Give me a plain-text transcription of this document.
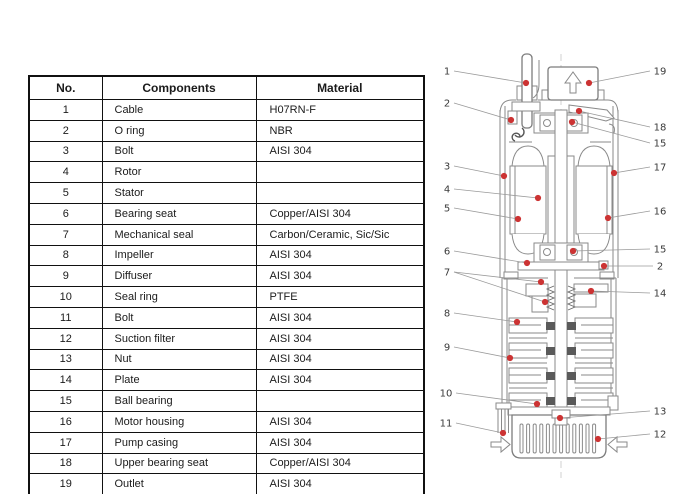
No.	Components	Material
1	Cable	H07RN-F
2	O ring	NBR
3	Bolt	AISI 304
4	Rotor	
5	Stator	
6	Bearing seat	Copper/AISI 304
7	Mechanical seal	Carbon/Ceramic, Sic/Sic
8	Impeller	AISI 304
9	Diffuser	AISI 304
10	Seal ring	PTFE
11	Bolt	AISI 304
12	Suction filter	AISI 304
13	Nut	AISI 304
14	Plate	AISI 304
15	Ball bearing	
16	Motor housing	AISI 304
17	Pump casing	AISI 304
18	Upper bearing seat	Copper/AISI 304
19	Outlet	AISI 304
1
2
3
4
5
6
7
8
9
10
11
19
18
15
17
16
15
2
14
13
12
